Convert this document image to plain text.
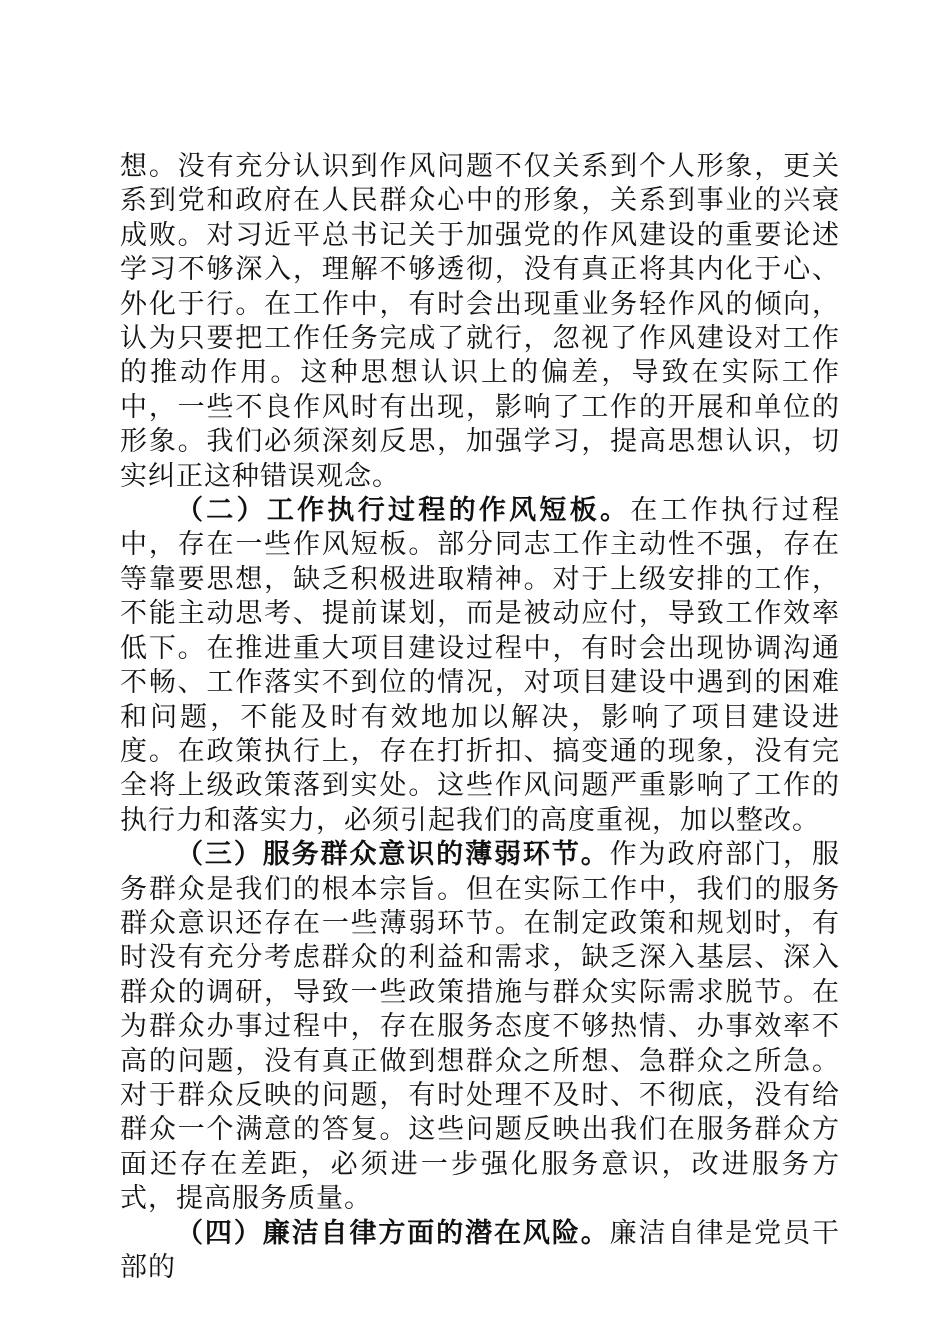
想。没有充分认识到作风问题不仅关系到个人形象，更关系到党和政府在人民群众心中的形象，关系到事业的兴衰成败。对习近平总书记关于加强党的作风建设的重要论述学习不够深入，理解不够透彻，没有真正将其内化于心、外化于行。在工作中，有时会出现重业务轻作风的倾向，认为只要把工作任务完成了就行，忽视了作风建设对工作的推动作用。这种思想认识上的偏差，导致在实际工作中，一些不良作风时有出现，影响了工作的开展和单位的形象。我们必须深刻反思，加强学习，提高思想认识，切实纠正这种错误观念。

（二）工作执行过程的作风短板。在工作执行过程中，存在一些作风短板。部分同志工作主动性不强，存在等靠要思想，缺乏积极进取精神。对于上级安排的工作，不能主动思考、提前谋划，而是被动应付，导致工作效率低下。在推进重大项目建设过程中，有时会出现协调沟通不畅、工作落实不到位的情况，对项目建设中遇到的困难和问题，不能及时有效地加以解决，影响了项目建设进度。在政策执行上，存在打折扣、搞变通的现象，没有完全将上级政策落到实处。这些作风问题严重影响了工作的执行力和落实力，必须引起我们的高度重视，加以整改。

（三）服务群众意识的薄弱环节。作为政府部门，服务群众是我们的根本宗旨。但在实际工作中，我们的服务群众意识还存在一些薄弱环节。在制定政策和规划时，有时没有充分考虑群众的利益和需求，缺乏深入基层、深入群众的调研，导致一些政策措施与群众实际需求脱节。在为群众办事过程中，存在服务态度不够热情、办事效率不高的问题，没有真正做到想群众之所想、急群众之所急。对于群众反映的问题，有时处理不及时、不彻底，没有给群众一个满意的答复。这些问题反映出我们在服务群众方面还存在差距，必须进一步强化服务意识，改进服务方式，提高服务质量。

（四）廉洁自律方面的潜在风险。廉洁自律是党员干部的
